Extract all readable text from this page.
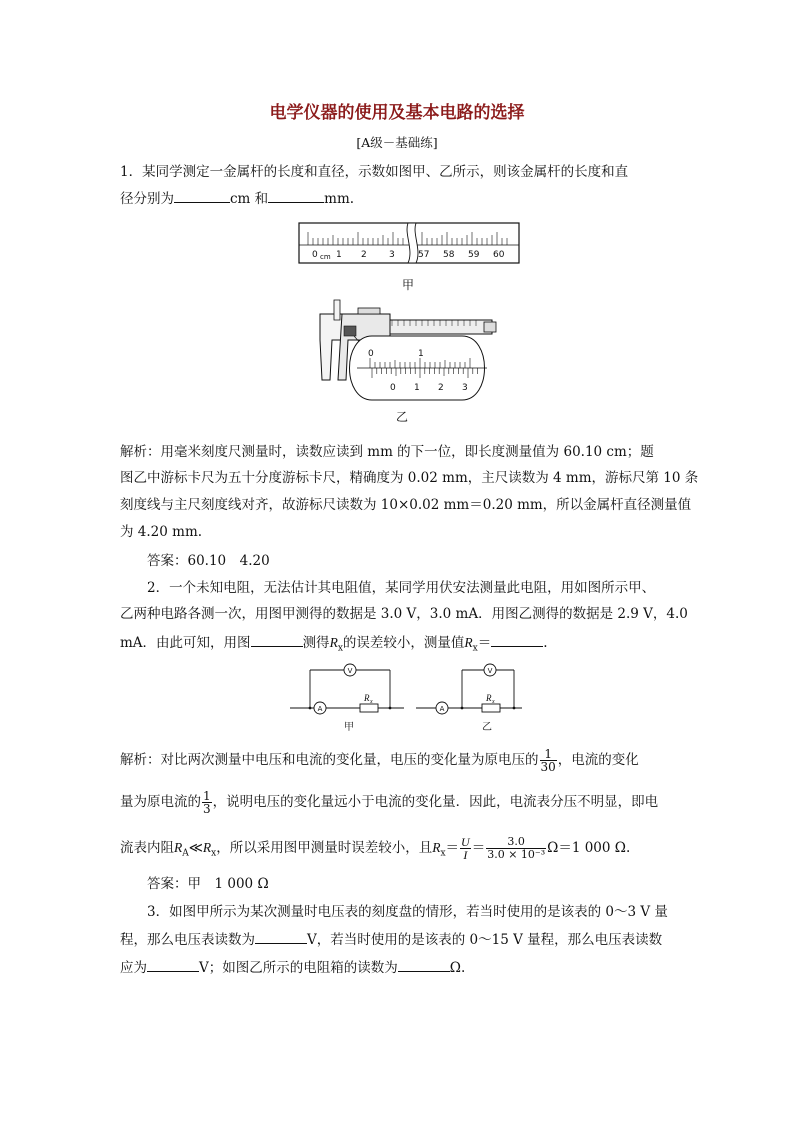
电学仪器的使用及基本电路的选择
[A级－基础练]
1．某同学测定一金属杆的长度和直径，示数如图甲、乙所示，则该金属杆的长度和直
径分别为	cm 和	mm.
0 cm 1 2 3	57 58 59 60
甲
0	1
0 1 2 3
乙
解析：用毫米刻度尺测量时，读数应读到 mm 的下一位，即长度测量值为 60.10 cm；题
图乙中游标卡尺为五十分度游标卡尺，精确度为 0.02 mm，主尺读数为 4 mm，游标尺第 10 条
刻度线与主尺刻度线对齐，故游标尺读数为 10×0.02 mm＝0.20 mm，所以金属杆直径测量值
为 4.20 mm.
答案：60.10　4.20
2．一个未知电阻，无法估计其电阻值，某同学用伏安法测量此电阻，用如图所示甲、
乙两种电路各测一次，用图甲测得的数据是 3.0 V，3.0 mA．用图乙测得的数据是 2.9 V，4.0
mA．由此可知，用图	测得$R_x$的误差较小，测量值$R_x=$	.
A
V
A
V
R x	R x
甲	乙
解析：对比两次测量中电压和电流的变化量，电压的变化量为原电压的 $\frac{1}{30}$ ，电流的变化
量为原电流的 $\frac{1}{3}$ ，说明电压的变化量远小于电流的变化量．因此，电流表分压不明显，即电
流表内阻$R_A≪R_x$，所以采用图甲测量时误差较小，且$R_x= \frac{U}{I} = \frac{3.0}{\text{3.0 × 10⁻³}} \Omega=1$ 000 Ω.
答案：甲　1 000 Ω
3．如图甲所示为某次测量时电压表的刻度盘的情形，若当时使用的是该表的 0～3 V 量
程，那么电压表读数为	V，若当时使用的是该表的 0～15 V 量程，那么电压表读数
应为	V；如图乙所示的电阻箱的读数为	Ω.
